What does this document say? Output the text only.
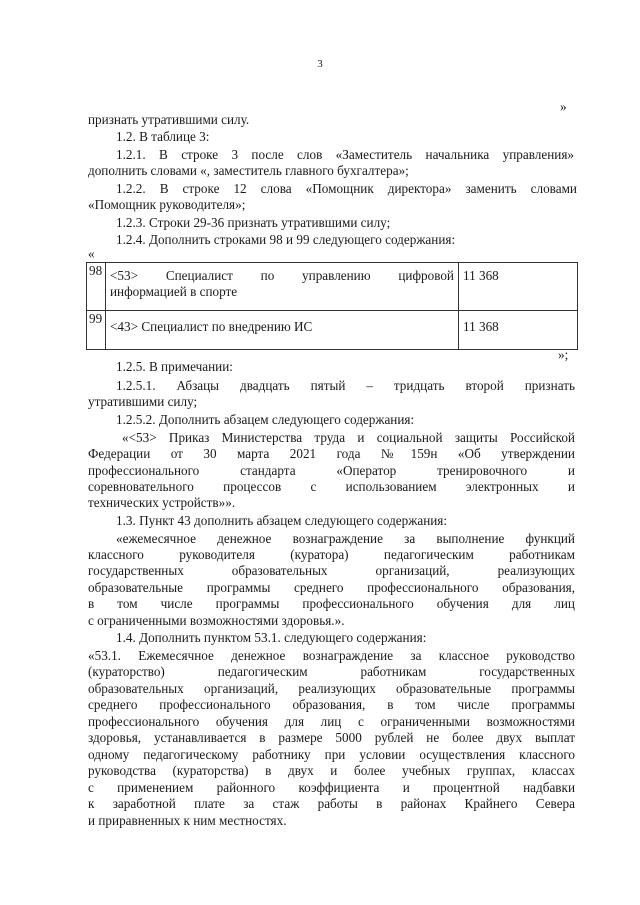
3
»
признать утратившими силу.
1.2. В таблице 3:
1.2.1. В строке 3 после слов «Заместитель начальника управления»
дополнить словами «, заместитель главного бухгалтера»;
1.2.2. В строке 12 слова «Помощник директора» заменить словами
«Помощник руководителя»;
1.2.3. Строки 29-36 признать утратившими силу;
1.2.4. Дополнить строками 98 и 99 следующего содержания:
«
98	<53> Специалист по управлению цифровой
информацией в спорте	11 368
99	<43> Специалист по внедрению ИС	11 368
»;
1.2.5. В примечании:
1.2.5.1. Абзацы двадцать пятый – тридцать второй признать
утратившими силу;
1.2.5.2. Дополнить абзацем следующего содержания:
«<53> Приказ Министерства труда и социальной защиты Российской
Федерации от 30 марта 2021 года №159н «Об утверждении
профессионального стандарта «Оператор тренировочного и
соревновательного процессов с использованием электронных и
технических устройств»».
1.3. Пункт 43 дополнить абзацем следующего содержания:
«ежемесячное денежное вознаграждение за выполнение функций
классного руководителя (куратора) педагогическим работникам
государственных образовательных организаций, реализующих
образовательные программы среднего профессионального образования,
в том числе программы профессионального обучения для лиц
с ограниченными возможностями здоровья.».
1.4. Дополнить пунктом 53.1. следующего содержания:
«53.1. Ежемесячное денежное вознаграждение за классное руководство
(кураторство) педагогическим работникам государственных
образовательных организаций, реализующих образовательные программы
среднего профессионального образования, в том числе программы
профессионального обучения для лиц с ограниченными возможностями
здоровья, устанавливается в размере 5000 рублей не более двух выплат
одному педагогическому работнику при условии осуществления классного
руководства (кураторства) в двух и более учебных группах, классах
с применением районного коэффициента и процентной надбавки
к заработной плате за стаж работы в районах Крайнего Севера
и приравненных к ним местностях.
